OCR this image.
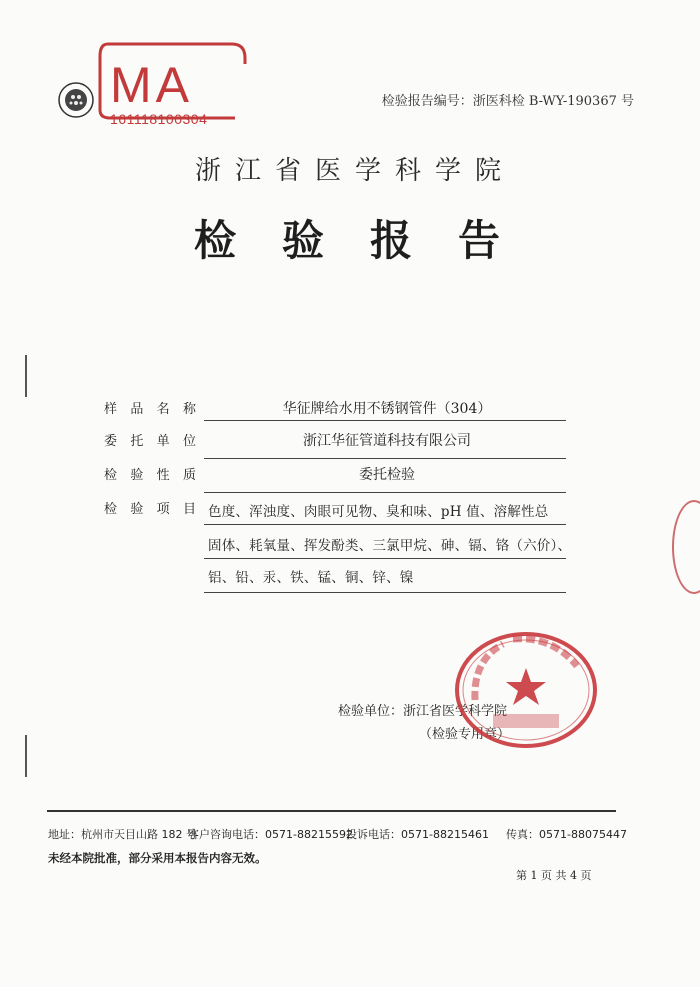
MA
161118100304
检验报告编号：浙医科检 B-WY-190367 号
浙江省医学科学院
检验报告
样品名称	华征牌给水用不锈钢管件（304）
委托单位	浙江华征管道科技有限公司
检验性质	委托检验
检验项目 色度、浑浊度、肉眼可见物、臭和味、pH 值、溶解性总
固体、耗氧量、挥发酚类、三氯甲烷、砷、镉、铬（六价）、
铝、铅、汞、铁、锰、铜、锌、镍
检验单位：浙江省医学科学院
（检验专用章）
地址：杭州市天目山路 182 号客户咨询电话：0571-88215592投诉电话：0571-88215461 传真：0571-88075447
未经本院批准，部分采用本报告内容无效。
第 1 页 共 4 页
